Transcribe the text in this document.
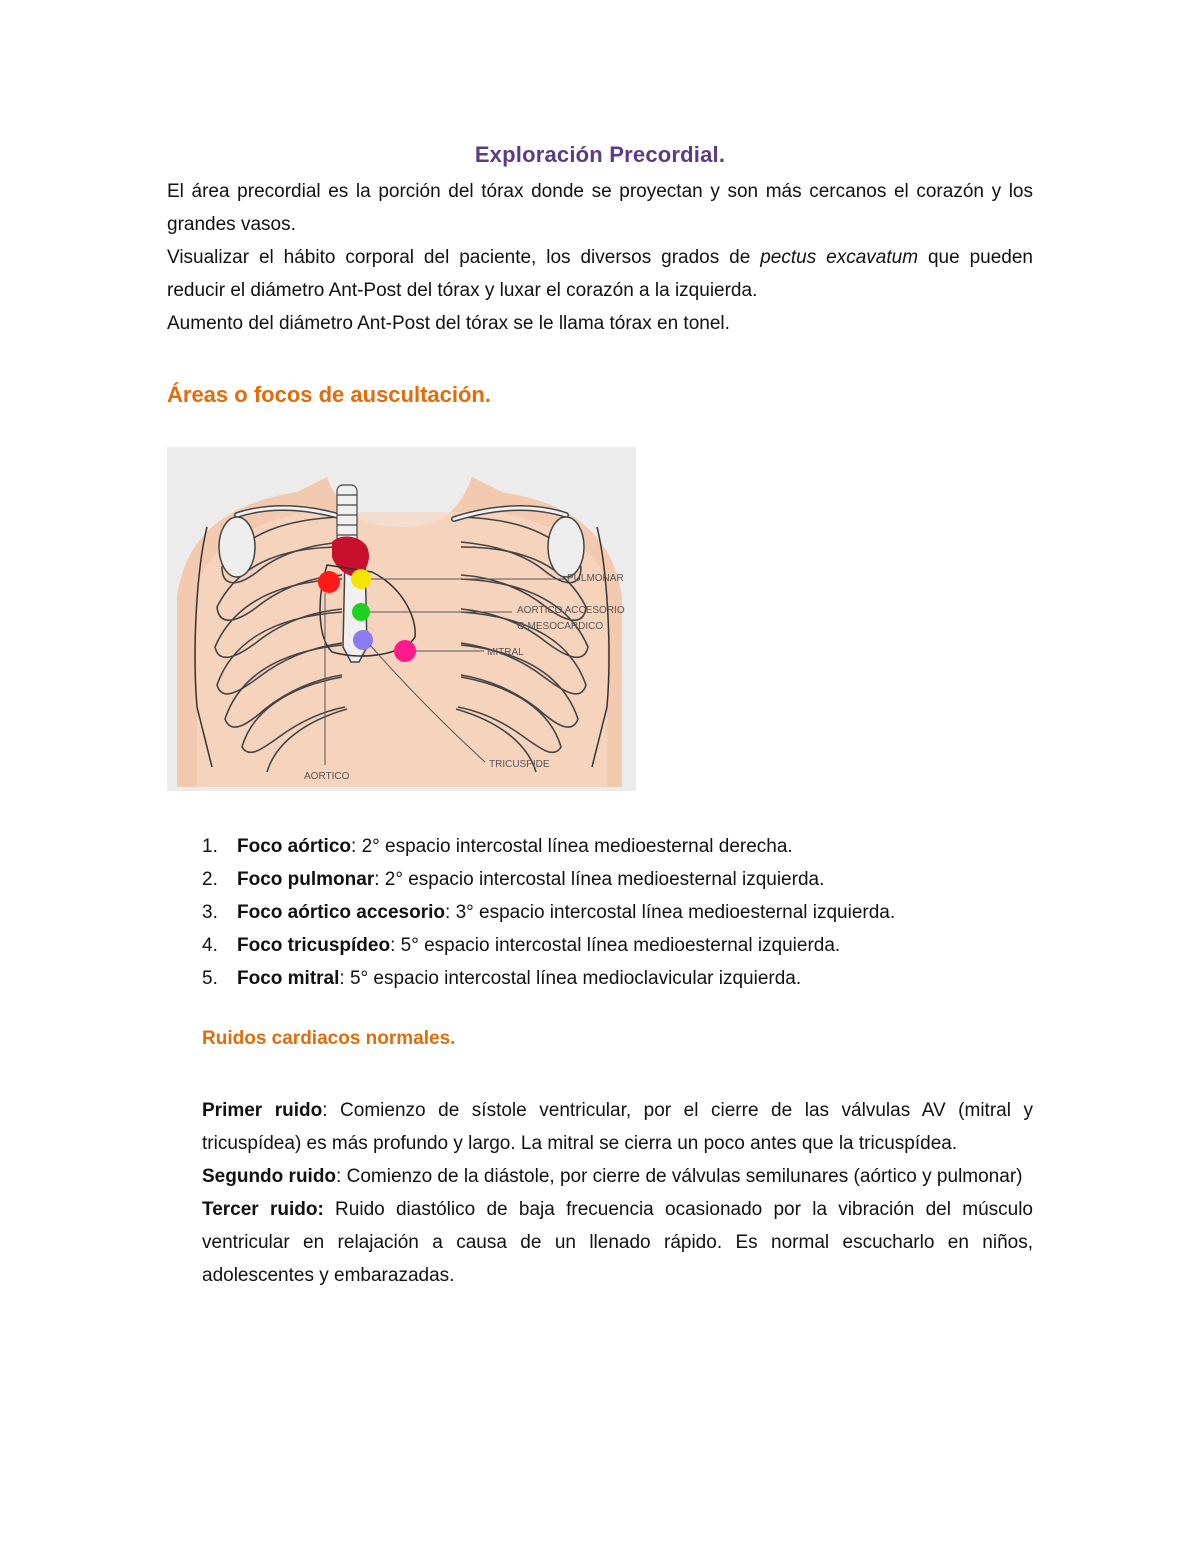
Exploración Precordial.
El área precordial es la porción del tórax donde se proyectan y son más cercanos el corazón y los grandes vasos.
Visualizar el hábito corporal del paciente, los diversos grados de pectus excavatum que pueden reducir el diámetro Ant-Post del tórax y luxar el corazón a la izquierda.
Aumento del diámetro Ant-Post del tórax se le llama tórax en tonel.
Áreas o focos de auscultación.
PULMONAR
AORTICO ACCESORIO
O MESOCARDICO
MITRAL
TRICUSPIDE
AORTICO
1. Foco aórtico: 2° espacio intercostal línea medioesternal derecha.
2. Foco pulmonar: 2° espacio intercostal línea medioesternal izquierda.
3. Foco aórtico accesorio: 3° espacio intercostal línea medioesternal izquierda.
4. Foco tricuspídeo: 5° espacio intercostal línea medioesternal izquierda.
5. Foco mitral: 5° espacio intercostal línea medioclavicular izquierda.
Ruidos cardiacos normales.
Primer ruido: Comienzo de sístole ventricular, por el cierre de las válvulas AV (mitral y tricuspídea) es más profundo y largo. La mitral se cierra un poco antes que la tricuspídea.
Segundo ruido: Comienzo de la diástole, por cierre de válvulas semilunares (aórtico y pulmonar)
Tercer ruido: Ruido diastólico de baja frecuencia ocasionado por la vibración del músculo ventricular en relajación a causa de un llenado rápido. Es normal escucharlo en niños, adolescentes y embarazadas.
